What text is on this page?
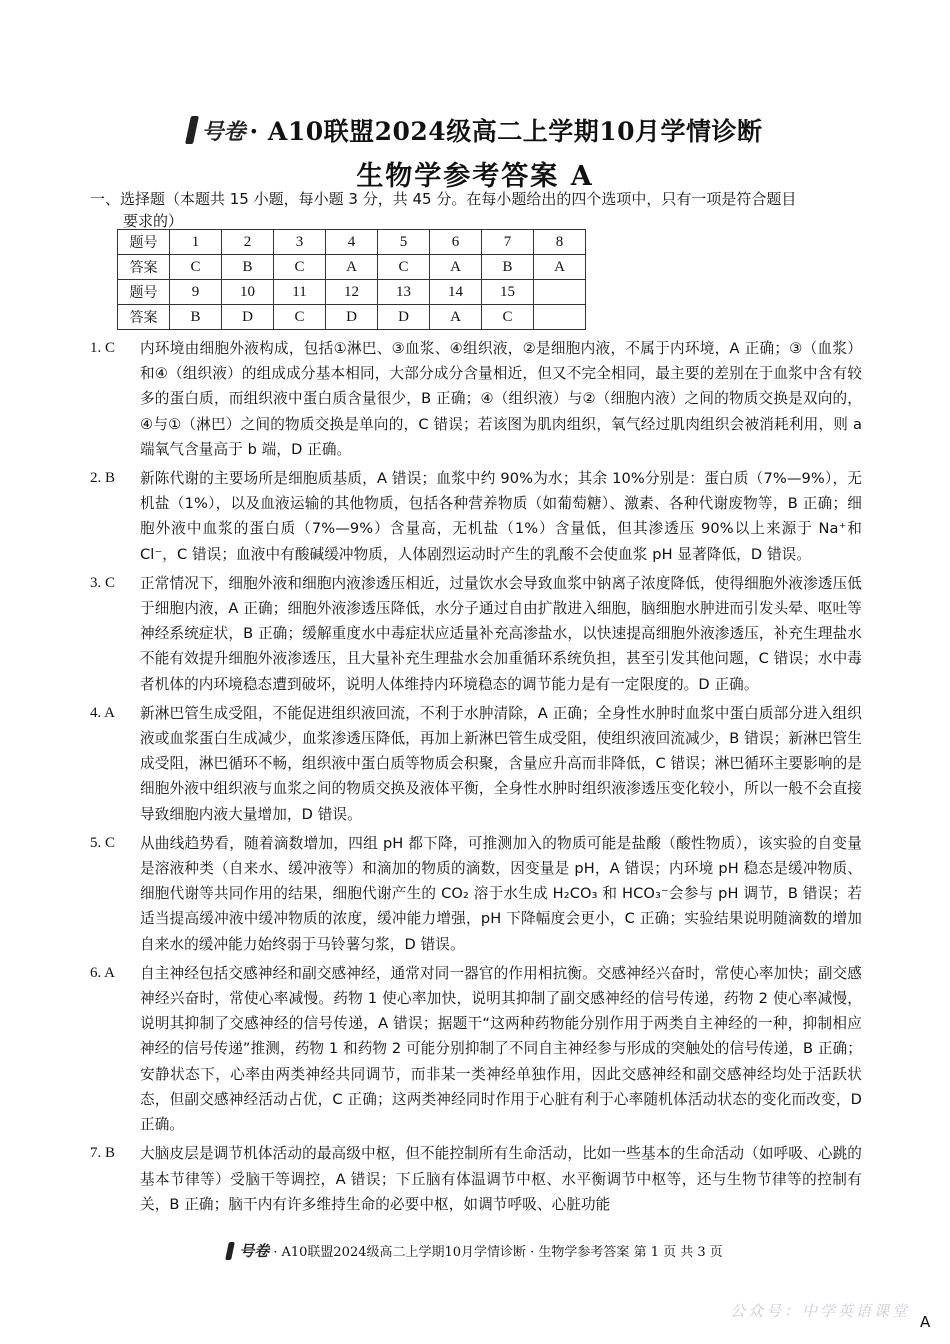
号卷 · A10联盟2024级高二上学期10月学情诊断
生物学参考答案 A
一、选择题（本题共 15 小题，每小题 3 分，共 45 分。在每小题给出的四个选项中，只有一项是符合题目
要求的）
题号	1	2	3	4	5	6	7	8
答案	C	B	C	A	C	A	B	A
题号	9	10	11	12	13	14	15	
答案	B	D	C	D	D	A	C	
1. C	内环境由细胞外液构成，包括①淋巴、③血浆、④组织液，②是细胞内液，不属于内环境，A 正确；③（血浆）和④（组织液）的组成成分基本相同，大部分成分含量相近，但又不完全相同，最主要的差别在于血浆中含有较多的蛋白质，而组织液中蛋白质含量很少，B 正确；④（组织液）与②（细胞内液）之间的物质交换是双向的，④与①（淋巴）之间的物质交换是单向的，C 错误；若该图为肌肉组织，氧气经过肌肉组织会被消耗利用，则 a 端氧气含量高于 b 端，D 正确。
2. B	新陈代谢的主要场所是细胞质基质，A 错误；血浆中约 90%为水；其余 10%分别是：蛋白质（7%—9%），无机盐（1%），以及血液运输的其他物质，包括各种营养物质（如葡萄糖）、激素、各种代谢废物等，B 正确；细胞外液中血浆的蛋白质（7%—9%）含量高，无机盐（1%）含量低，但其渗透压 90%以上来源于 Na⁺和 Cl⁻，C 错误；血液中有酸碱缓冲物质，人体剧烈运动时产生的乳酸不会使血浆 pH 显著降低，D 错误。
3. C	正常情况下，细胞外液和细胞内液渗透压相近，过量饮水会导致血浆中钠离子浓度降低，使得细胞外液渗透压低于细胞内液，A 正确；细胞外液渗透压降低，水分子通过自由扩散进入细胞，脑细胞水肿进而引发头晕、呕吐等神经系统症状，B 正确；缓解重度水中毒症状应适量补充高渗盐水，以快速提高细胞外液渗透压，补充生理盐水不能有效提升细胞外液渗透压，且大量补充生理盐水会加重循环系统负担，甚至引发其他问题，C 错误；水中毒者机体的内环境稳态遭到破坏，说明人体维持内环境稳态的调节能力是有一定限度的。D 正确。
4. A	新淋巴管生成受阻，不能促进组织液回流，不利于水肿清除，A 正确；全身性水肿时血浆中蛋白质部分进入组织液或血浆蛋白生成减少，血浆渗透压降低，再加上新淋巴管生成受阻，使组织液回流减少，B 错误；新淋巴管生成受阻，淋巴循环不畅，组织液中蛋白质等物质会积聚，含量应升高而非降低，C 错误；淋巴循环主要影响的是细胞外液中组织液与血浆之间的物质交换及液体平衡，全身性水肿时组织液渗透压变化较小，所以一般不会直接导致细胞内液大量增加，D 错误。
5. C	从曲线趋势看，随着滴数增加，四组 pH 都下降，可推测加入的物质可能是盐酸（酸性物质），该实验的自变量是溶液种类（自来水、缓冲液等）和滴加的物质的滴数，因变量是 pH，A 错误；内环境 pH 稳态是缓冲物质、细胞代谢等共同作用的结果，细胞代谢产生的 CO₂ 溶于水生成 H₂CO₃ 和 HCO₃⁻会参与 pH 调节，B 错误；若适当提高缓冲液中缓冲物质的浓度，缓冲能力增强，pH 下降幅度会更小，C 正确；实验结果说明随滴数的增加自来水的缓冲能力始终弱于马铃薯匀浆，D 错误。
6. A	自主神经包括交感神经和副交感神经，通常对同一器官的作用相抗衡。交感神经兴奋时，常使心率加快；副交感神经兴奋时，常使心率减慢。药物 1 使心率加快，说明其抑制了副交感神经的信号传递，药物 2 使心率减慢，说明其抑制了交感神经的信号传递，A 错误；据题干“这两种药物能分别作用于两类自主神经的一种，抑制相应神经的信号传递”推测，药物 1 和药物 2 可能分别抑制了不同自主神经参与形成的突触处的信号传递，B 正确；安静状态下，心率由两类神经共同调节，而非某一类神经单独作用，因此交感神经和副交感神经均处于活跃状态，但副交感神经活动占优，C 正确；这两类神经同时作用于心脏有利于心率随机体活动状态的变化而改变，D 正确。
7. B	大脑皮层是调节机体活动的最高级中枢，但不能控制所有生命活动，比如一些基本的生命活动（如呼吸、心跳的基本节律等）受脑干等调控，A 错误；下丘脑有体温调节中枢、水平衡调节中枢等，还与生物节律等的控制有关，B 正确；脑干内有许多维持生命的必要中枢，如调节呼吸、心脏功能
号卷 · A10联盟2024级高二上学期10月学情诊断 · 生物学参考答案 第 1 页 共 3 页
公众号：中学英语课堂
A
